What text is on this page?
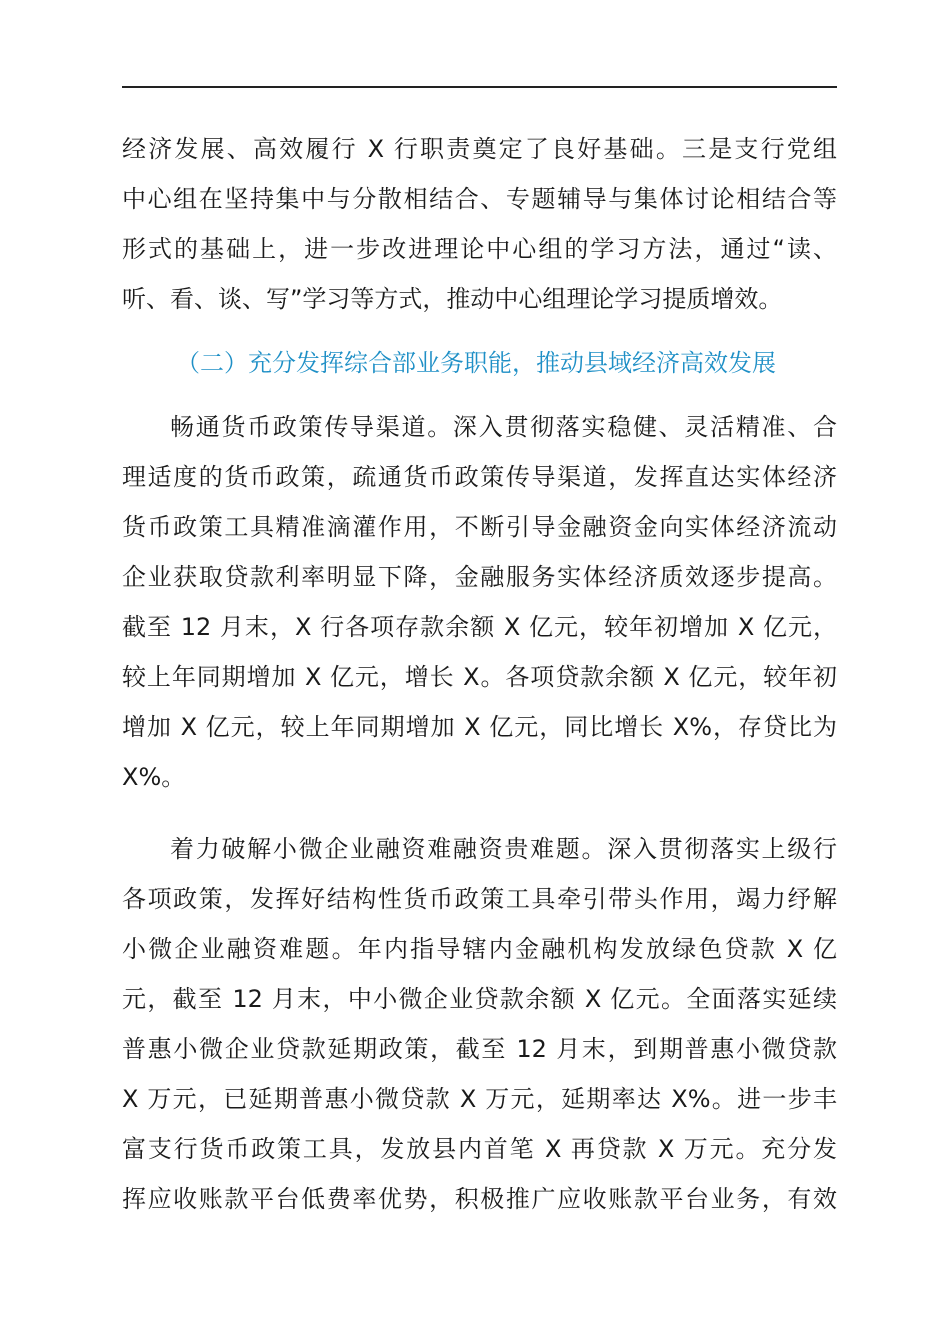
经济发展、高效履行 X 行职责奠定了良好基础。三是支行党组
中心组在坚持集中与分散相结合、专题辅导与集体讨论相结合等
形式的基础上，进一步改进理论中心组的学习方法，通过“读、
听、看、谈、写”学习等方式，推动中心组理论学习提质增效。
（二）充分发挥综合部业务职能，推动县域经济高效发展
畅通货币政策传导渠道。深入贯彻落实稳健、灵活精准、合
理适度的货币政策，疏通货币政策传导渠道，发挥直达实体经济
货币政策工具精准滴灌作用，不断引导金融资金向实体经济流动
企业获取贷款利率明显下降，金融服务实体经济质效逐步提高。
截至 12 月末，X 行各项存款余额 X 亿元，较年初增加 X 亿元，
较上年同期增加 X 亿元，增长 X。各项贷款余额 X 亿元，较年初
增加 X 亿元，较上年同期增加 X 亿元，同比增长 X%，存贷比为
X%。
着力破解小微企业融资难融资贵难题。深入贯彻落实上级行
各项政策，发挥好结构性货币政策工具牵引带头作用，竭力纾解
小微企业融资难题。年内指导辖内金融机构发放绿色贷款 X 亿
元，截至 12 月末，中小微企业贷款余额 X 亿元。全面落实延续
普惠小微企业贷款延期政策，截至 12 月末，到期普惠小微贷款
X 万元，已延期普惠小微贷款 X 万元，延期率达 X%。进一步丰
富支行货币政策工具，发放县内首笔 X 再贷款 X 万元。充分发
挥应收账款平台低费率优势，积极推广应收账款平台业务，有效
